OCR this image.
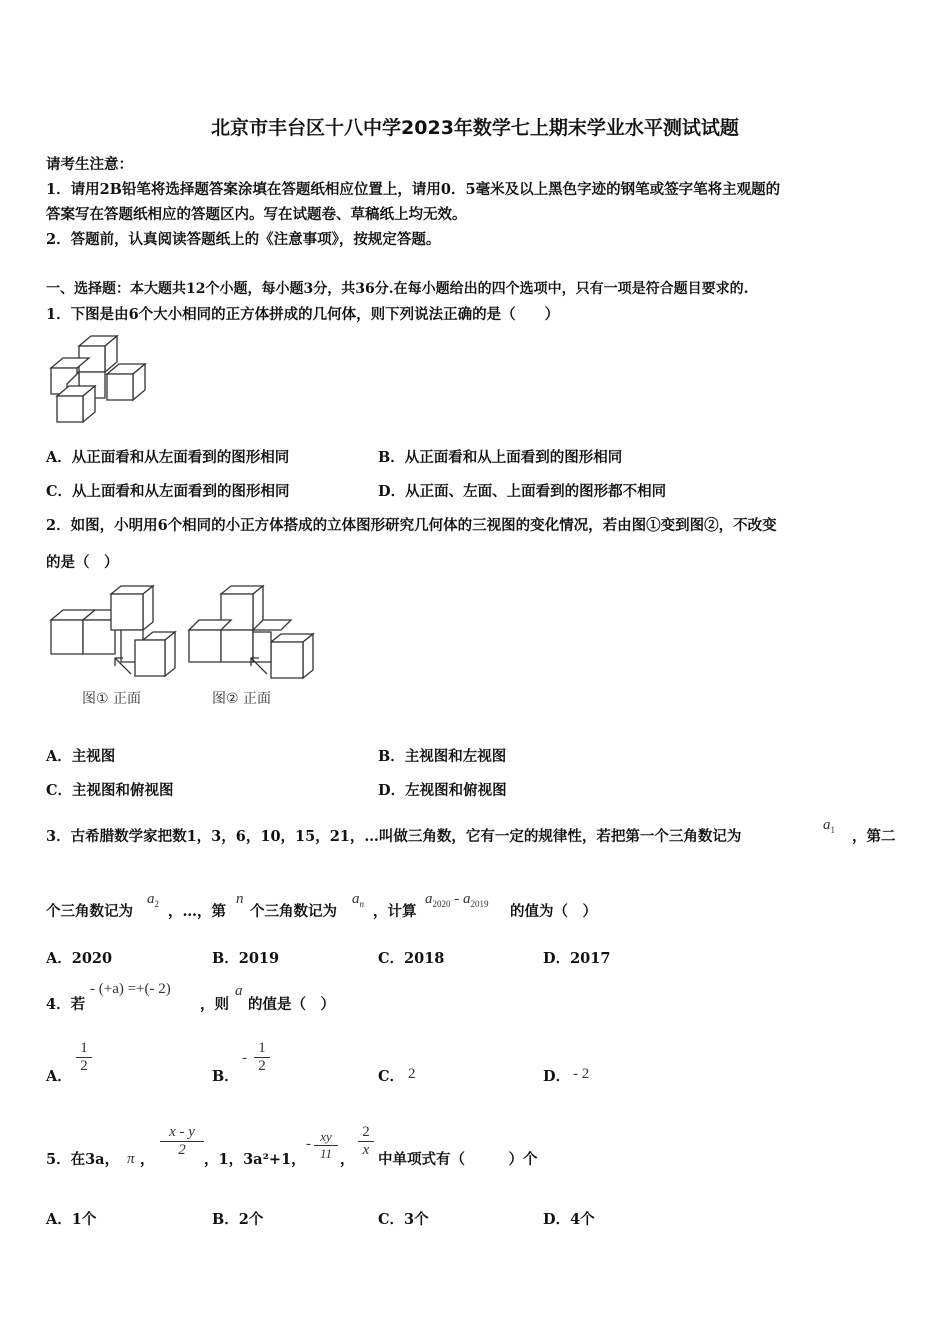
北京市丰台区十八中学2023年数学七上期末学业水平测试试题
请考生注意：
1．请用2B铅笔将选择题答案涂填在答题纸相应位置上，请用0．5毫米及以上黑色字迹的钢笔或签字笔将主观题的
答案写在答题纸相应的答题区内。写在试题卷、草稿纸上均无效。
2．答题前，认真阅读答题纸上的《注意事项》，按规定答题。
一、选择题：本大题共12个小题，每小题3分，共36分.在每小题给出的四个选项中，只有一项是符合题目要求的.
1．下图是由6个大小相同的正方体拼成的几何体，则下列说法正确的是（　　）
A．从正面看和从左面看到的图形相同	B．从正面看和从上面看到的图形相同
C．从上面看和从左面看到的图形相同	D．从正面、左面、上面看到的图形都不相同
2．如图，小明用6个相同的小正方体搭成的立体图形研究几何体的三视图的变化情况，若由图①变到图②，不改变
的是（　）
图① 正面	图② 正面
A．主视图	B．主视图和左视图
C．主视图和俯视图	D．左视图和俯视图
3．古希腊数学家把数1，3，6，10，15，21，…叫做三角数，它有一定的规律性，若把第一个三角数记为
$a_1$ ，第二
个三角数记为
$a_2$ ，…，第
n
个三角数记为
$a_n$ ，计算
$a_{2020} - a_{2019}$ 的值为（　）
A．2020	B．2019	C．2018	D．2017
4．若
- (+a) =+(- 2)
，则
a
的值是（　）
A．
$\frac{1}{2}$
B．
- $\frac{1}{2}$
C． 2	D． - 2
5．在3a， π ，
$\frac{x - y}{2}$
，1，3a²+1，
- $\frac{xy}{11}$ ，
$\frac{2}{x}$
中单项式有（　　　）个
A．1个	B．2个	C．3个	D．4个
